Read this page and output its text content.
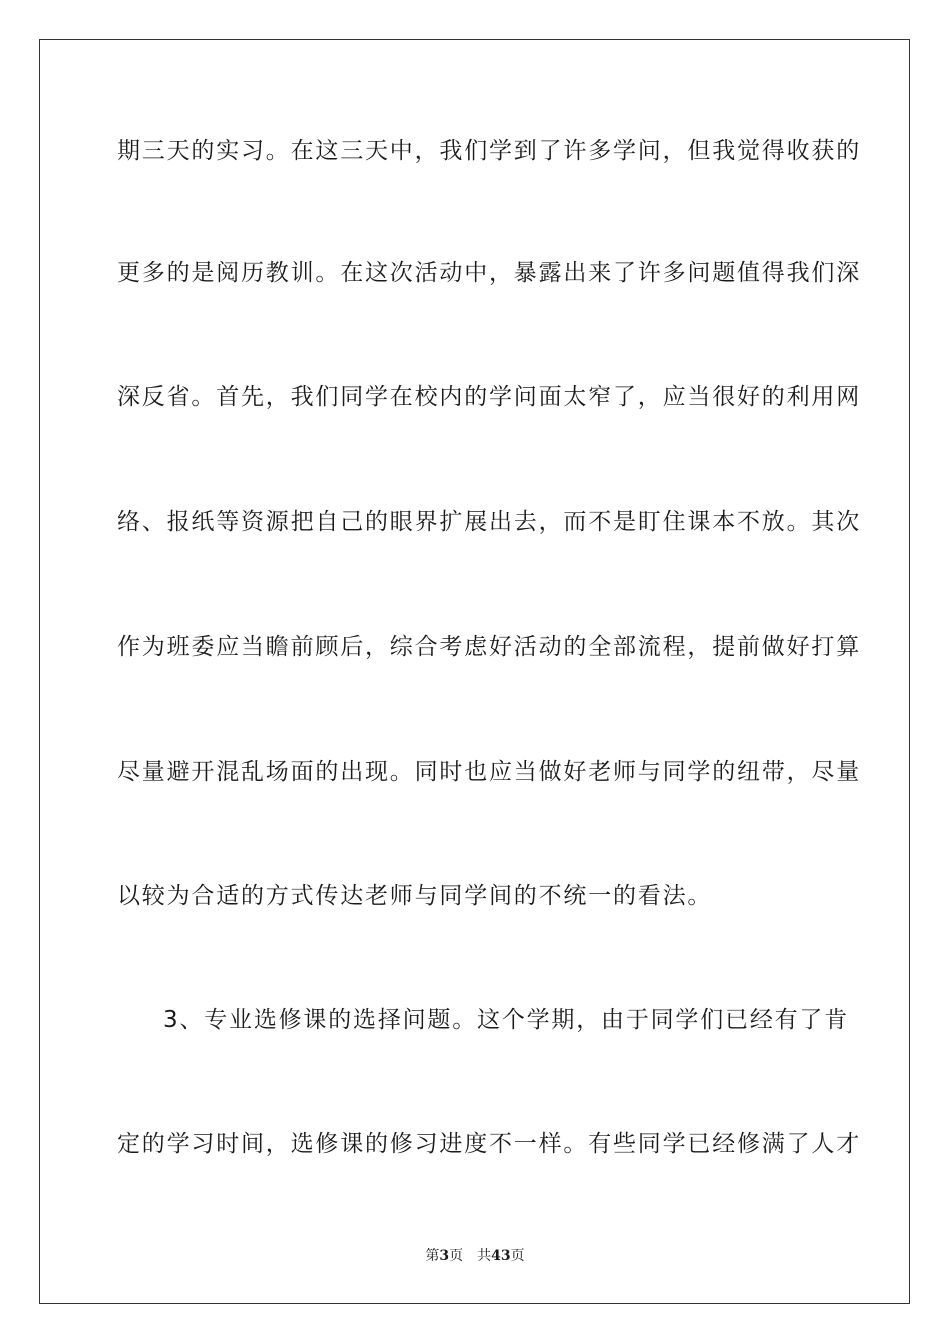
期三天的实习。在这三天中，我们学到了许多学问，但我觉得收获的
更多的是阅历教训。在这次活动中，暴露出来了许多问题值得我们深
深反省。首先，我们同学在校内的学问面太窄了，应当很好的利用网
络、报纸等资源把自己的眼界扩展出去，而不是盯住课本不放。其次
作为班委应当瞻前顾后，综合考虑好活动的全部流程，提前做好打算
尽量避开混乱场面的出现。同时也应当做好老师与同学的纽带，尽量
以较为合适的方式传达老师与同学间的不统一的看法。
3、专业选修课的选择问题。这个学期，由于同学们已经有了肯
定的学习时间，选修课的修习进度不一样。有些同学已经修满了人才
第3页 共43页
